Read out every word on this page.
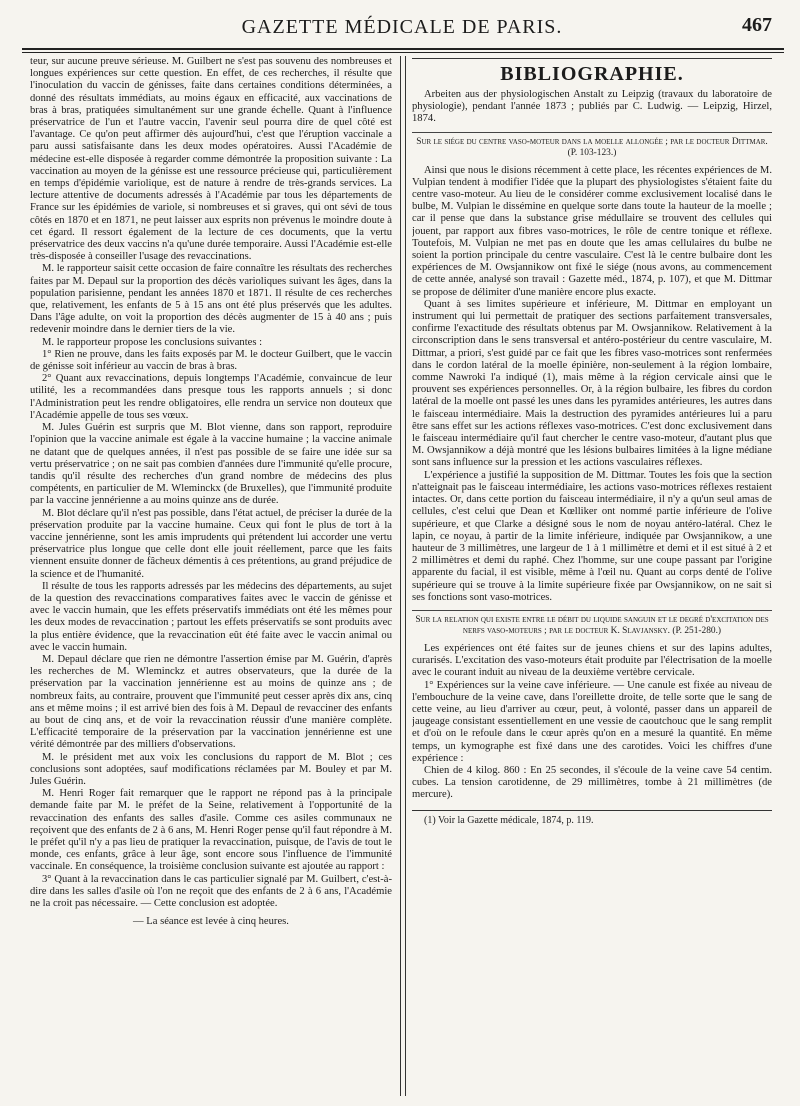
GAZETTE MÉDICALE DE PARIS.	467

teur, sur aucune preuve sérieuse. M. Guilbert ne s'est pas souvenu des nombreuses et longues expériences sur cette question. En effet, de ces recherches, il résulte que l'inoculation du vaccin de génisses, faite dans certaines conditions déterminées, a donné des résultats immédiats, au moins égaux en efficacité, aux vaccinations de bras à bras, pratiquées simultanément sur une grande échelle. Quant à l'influence préservatrice de l'un et l'autre vaccin, l'avenir seul pourra dire de quel côté est l'avantage. Ce qu'on peut affirmer dès aujourd'hui, c'est que l'éruption vaccinale a paru aussi satisfaisante dans les deux modes opératoires. Aussi l'Académie de médecine est-elle disposée à regarder comme démontrée la proposition suivante : La vaccination au moyen de la génisse est une ressource précieuse qui, particulièrement en temps d'épidémie variolique, est de nature à rendre de très-grands services. La lecture attentive de documents adressés à l'Académie par tous les départements de France sur les épidémies de variole, si nombreuses et si graves, qui ont sévi de tous côtés en 1870 et en 1871, ne peut laisser aux esprits non prévenus le moindre doute à cet égard. Il ressort également de la lecture de ces documents, que la vertu préservatrice des deux vaccins n'a qu'une durée temporaire. Aussi l'Académie est-elle très-disposée à conseiller l'usage des revaccinations.

M. le rapporteur saisit cette occasion de faire connaître les résultats des recherches faites par M. Depaul sur la proportion des décès varioliques suivant les âges, dans la population parisienne, pendant les années 1870 et 1871. Il résulte de ces recherches que, relativement, les enfants de 5 à 15 ans ont été plus préservés que les adultes. Dans l'âge adulte, on voit la proportion des décès augmenter de 15 à 40 ans ; puis redevenir moindre dans le dernier tiers de la vie.

M. le rapporteur propose les conclusions suivantes :

1° Rien ne prouve, dans les faits exposés par M. le docteur Guilbert, que le vaccin de génisse soit inférieur au vaccin de bras à bras.

2° Quant aux revaccinations, depuis longtemps l'Académie, convaincue de leur utilité, les a recommandées dans presque tous les rapports annuels ; si donc l'Administration peut les rendre obligatoires, elle rendra un service non douteux que l'Académie appelle de tous ses vœux.

M. Jules Guérin est surpris que M. Blot vienne, dans son rapport, reproduire l'opinion que la vaccine animale est égale à la vaccine humaine ; la vaccine animale ne datant que de quelques années, il n'est pas possible de se faire une idée sur sa vertu préservatrice ; on ne sait pas combien d'années dure l'immunité qu'elle procure, tandis qu'il résulte des recherches d'un grand nombre de médecins des plus compétents, en particulier de M. Wleminckx (de Bruxelles), que l'immunité produite par la vaccine jennérienne a au moins quinze ans de durée.

M. Blot déclare qu'il n'est pas possible, dans l'état actuel, de préciser la durée de la préservation produite par la vaccine humaine. Ceux qui font le plus de tort à la vaccine jennérienne, sont les amis imprudents qui prétendent lui accorder une vertu préservatrice plus longue que celle dont elle jouit réellement, parce que les faits viennent ensuite donner de fâcheux démentis à ces prétentions, au grand préjudice de la science et de l'humanité.

Il résulte de tous les rapports adressés par les médecins des départements, au sujet de la question des revaccinations comparatives faites avec le vaccin de génisse et avec le vaccin humain, que les effets préservatifs immédiats ont été les mêmes pour les deux modes de revaccination ; partout les effets préservatifs se sont produits avec la plus entière évidence, que la revaccination eût été faite avec le vaccin animal ou avec le vaccin humain.

M. Depaul déclare que rien ne démontre l'assertion émise par M. Guérin, d'après les recherches de M. Wleminckz et autres observateurs, que la durée de la préservation par la vaccination jennérienne est au moins de quinze ans ; de nombreux faits, au contraire, prouvent que l'immunité peut cesser après dix ans, cinq ans et même moins ; il est arrivé bien des fois à M. Depaul de revacciner des enfants au bout de cinq ans, et de voir la revaccination réussir d'une manière complète. L'efficacité temporaire de la préservation par la vaccination jennérienne est une vérité démontrée par des milliers d'observations.

M. le président met aux voix les conclusions du rapport de M. Blot ; ces conclusions sont adoptées, sauf modifications réclamées par M. Bouley et par M. Jules Guérin.

M. Henri Roger fait remarquer que le rapport ne répond pas à la principale demande faite par M. le préfet de la Seine, relativement à l'opportunité de la revaccination des enfants des salles d'asile. Comme ces asiles communaux ne reçoivent que des enfants de 2 à 6 ans, M. Henri Roger pense qu'il faut répondre à M. le préfet qu'il n'y a pas lieu de pratiquer la revaccination, puisque, de l'avis de tout le monde, ces enfants, grâce à leur âge, sont encore sous l'influence de l'immunité vaccinale. En conséquence, la troisième conclusion suivante est ajoutée au rapport :

3° Quant à la revaccination dans le cas particulier signalé par M. Guilbert, c'est-à-dire dans les salles d'asile où l'on ne reçoit que des enfants de 2 à 6 ans, l'Académie ne la croit pas nécessaire. — Cette conclusion est adoptée.

— La séance est levée à cinq heures.

BIBLIOGRAPHIE.

Arbeiten aus der physiologischen Anstalt zu Leipzig (travaux du laboratoire de physiologie), pendant l'année 1873 ; publiés par C. Ludwig. — Leipzig, Hirzel, 1874.

Sur le siége du centre vaso-moteur dans la moelle allongée ; par le docteur Dittmar. (P. 103-123.)

Ainsi que nous le disions récemment à cette place, les récentes expériences de M. Vulpian tendent à modifier l'idée que la plupart des physiologistes s'étaient faite du centre vaso-moteur. Au lieu de le considérer comme exclusivement localisé dans le bulbe, M. Vulpian le dissémine en quelque sorte dans toute la hauteur de la moelle ; car il pense que dans la substance grise médullaire se trouvent des cellules qui jouent, par rapport aux fibres vaso-motrices, le rôle de centre tonique et réflexe. Toutefois, M. Vulpian ne met pas en doute que les amas cellulaires du bulbe ne soient la portion principale du centre vasculaire. C'est là le centre bulbaire dont les expériences de M. Owsjannikow ont fixé le siége (nous avons, au commencement de cette année, analysé son travail : Gazette méd., 1874, p. 107), et que M. Dittmar se propose de délimiter d'une manière encore plus exacte.

Quant à ses limites supérieure et inférieure, M. Dittmar en employant un instrument qui lui permettait de pratiquer des sections parfaitement transversales, confirme l'exactitude des résultats obtenus par M. Owsjannikow. Relativement à la circonscription dans le sens transversal et antéro-postérieur du centre vasculaire, M. Dittmar, a priori, s'est guidé par ce fait que les fibres vaso-motrices sont renfermées dans le cordon latéral de la moelle épinière, non-seulement à la région lombaire, comme Nawroki l'a indiqué (1), mais même à la région cervicale ainsi que le prouvent ses expériences personnelles. Or, à la région bulbaire, les fibres du cordon latéral de la moelle ont passé les unes dans les pyramides antérieures, les autres dans le faisceau intermédiaire. Mais la destruction des pyramides antérieures lui a paru être sans effet sur les actions réflexes vaso-motrices. C'est donc exclusivement dans le faisceau intermédiaire qu'il faut chercher le centre vaso-moteur, d'autant plus que M. Owsjannikow a déjà montré que les lésions bulbaires limitées à la ligne médiane sont sans influence sur la pression et les actions vasculaires réflexes.

L'expérience a justifié la supposition de M. Dittmar. Toutes les fois que la section n'atteignait pas le faisceau intermédiaire, les actions vaso-motrices réflexes restaient intactes. Or, dans cette portion du faisceau intermédiaire, il n'y a qu'un seul amas de cellules, c'est celui que Dean et Kœlliker ont nommé partie inférieure de l'olive supérieure, et que Clarke a désigné sous le nom de noyau antéro-latéral. Chez le lapin, ce noyau, à partir de la limite inférieure, indiquée par Owsjannikow, a une hauteur de 3 millimètres, une largeur de 1 à 1 millimètre et demi et il est situé à 2 et 2 millimètres et demi du raphé. Chez l'homme, sur une coupe passant par l'origine apparente du facial, il est visible, même à l'œil nu. Quant au corps denté de l'olive supérieure qui se trouve à la limite supérieure fixée par Owsjannikow, on ne sait si ses fonctions sont vaso-motrices.

Sur la relation qui existe entre le débit du liquide sanguin et le degré d'excitation des nerfs vaso-moteurs ; par le docteur K. Slavjansky. (P. 251-280.)

Les expériences ont été faites sur de jeunes chiens et sur des lapins adultes, curarisés. L'excitation des vaso-moteurs était produite par l'électrisation de la moelle avec le courant induit au niveau de la deuxième vertèbre cervicale.

1° Expériences sur la veine cave inférieure. — Une canule est fixée au niveau de l'embouchure de la veine cave, dans l'oreillette droite, de telle sorte que le sang de cette veine, au lieu d'arriver au cœur, peut, à volonté, passer dans un appareil de jaugeage consistant essentiellement en une vessie de caoutchouc que le sang remplit et d'où on le refoule dans le cœur après qu'on en a mesuré la quantité. En même temps, un kymographe est fixé dans une des carotides. Voici les chiffres d'une expérience :

Chien de 4 kilog. 860 : En 25 secondes, il s'écoule de la veine cave 54 centim. cubes. La tension carotidenne, de 29 millimètres, tombe à 21 millimètres (de mercure).

(1) Voir la Gazette médicale, 1874, p. 119.
